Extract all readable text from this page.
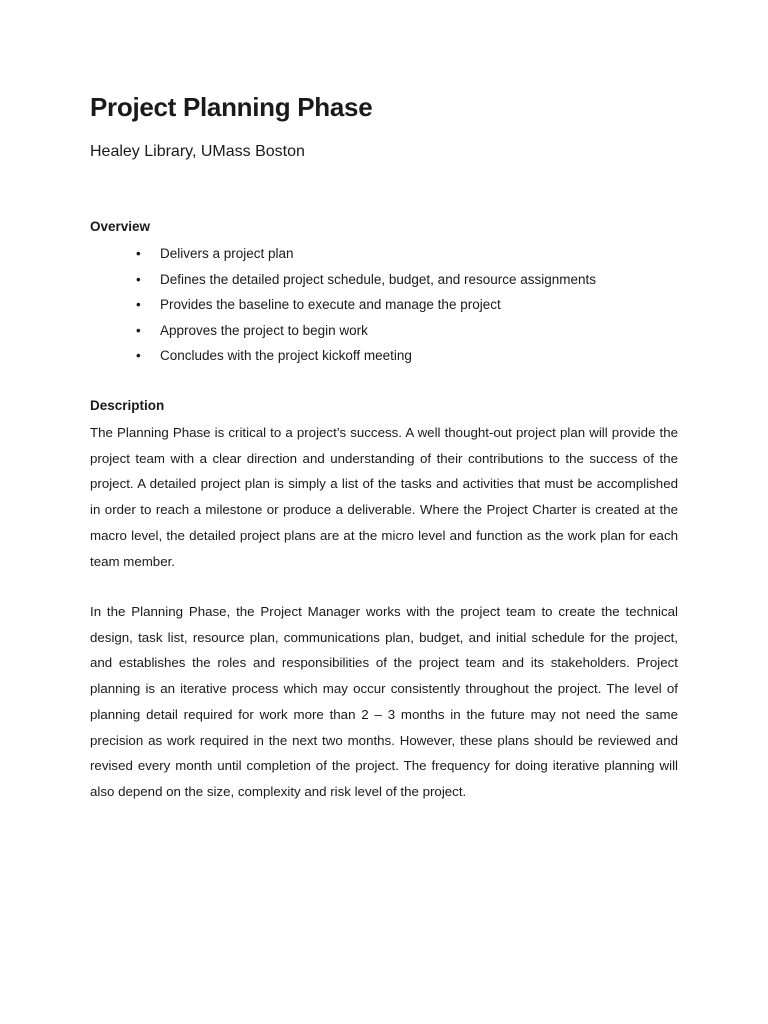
Project Planning Phase

Healey Library, UMass Boston

Overview
• Delivers a project plan
• Defines the detailed project schedule, budget, and resource assignments
• Provides the baseline to execute and manage the project
• Approves the project to begin work
• Concludes with the project kickoff meeting
Description

The Planning Phase is critical to a project’s success. A well thought-out project plan will provide the project team with a clear direction and understanding of their contributions to the success of the project. A detailed project plan is simply a list of the tasks and activities that must be accomplished in order to reach a milestone or produce a deliverable. Where the Project Charter is created at the macro level, the detailed project plans are at the micro level and function as the work plan for each team member.

In the Planning Phase, the Project Manager works with the project team to create the technical design, task list, resource plan, communications plan, budget, and initial schedule for the project, and establishes the roles and responsibilities of the project team and its stakeholders. Project planning is an iterative process which may occur consistently throughout the project. The level of planning detail required for work more than 2 – 3 months in the future may not need the same precision as work required in the next two months. However, these plans should be reviewed and revised every month until completion of the project. The frequency for doing iterative planning will also depend on the size, complexity and risk level of the project.
